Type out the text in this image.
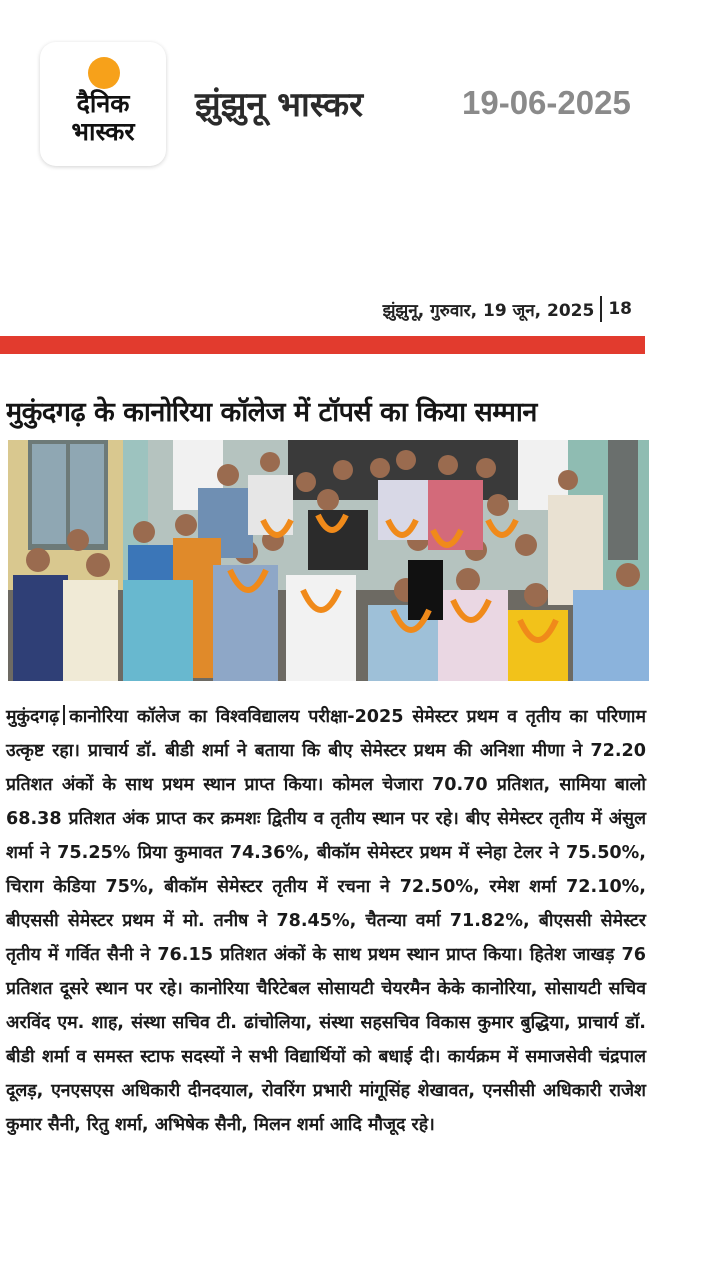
दैनिक
भास्कर
झुंझुनू भास्कर	19-06-2025
झुंझुनू, गुरुवार, 19 जून, 2025 18
मुकुंदगढ़ के कानोरिया कॉलेज में टॉपर्स का किया सम्मान
मुकुंदगढ़ कानोरिया कॉलेज का विश्वविद्यालय परीक्षा-2025 सेमेस्टर प्रथम व तृतीय का परिणाम उत्कृष्ट रहा। प्राचार्य डॉ. बीडी शर्मा ने बताया कि बीए सेमेस्टर प्रथम की अनिशा मीणा ने 72.20 प्रतिशत अंकों के साथ प्रथम स्थान प्राप्त किया। कोमल चेजारा 70.70 प्रतिशत, सामिया बालो 68.38 प्रतिशत अंक प्राप्त कर क्रमशः द्वितीय व तृतीय स्थान पर रहे। बीए सेमेस्टर तृतीय में अंसुल शर्मा ने 75.25% प्रिया कुमावत 74.36%, बीकॉम सेमेस्टर प्रथम में स्नेहा टेलर ने 75.50%, चिराग केडिया 75%, बीकॉम सेमेस्टर तृतीय में रचना ने 72.50%, रमेश शर्मा 72.10%, बीएससी सेमेस्टर प्रथम में मो. तनीष ने 78.45%, चैतन्या वर्मा 71.82%, बीएससी सेमेस्टर तृतीय में गर्वित सैनी ने 76.15 प्रतिशत अंकों के साथ प्रथम स्थान प्राप्त किया। हितेश जाखड़ 76 प्रतिशत दूसरे स्थान पर रहे। कानोरिया चैरिटेबल सोसायटी चेयरमैन केके कानोरिया, सोसायटी सचिव अरविंद एम. शाह, संस्था सचिव टी. ढांचोलिया, संस्था सहसचिव विकास कुमार बुद्धिया, प्राचार्य डॉ. बीडी शर्मा व समस्त स्टाफ सदस्यों ने सभी विद्यार्थियों को बधाई दी। कार्यक्रम में समाजसेवी चंद्रपाल दूलड़, एनएसएस अधिकारी दीनदयाल, रोवरिंग प्रभारी मांगूसिंह शेखावत, एनसीसी अधिकारी राजेश कुमार सैनी, रितु शर्मा, अभिषेक सैनी, मिलन शर्मा आदि मौजूद रहे।
